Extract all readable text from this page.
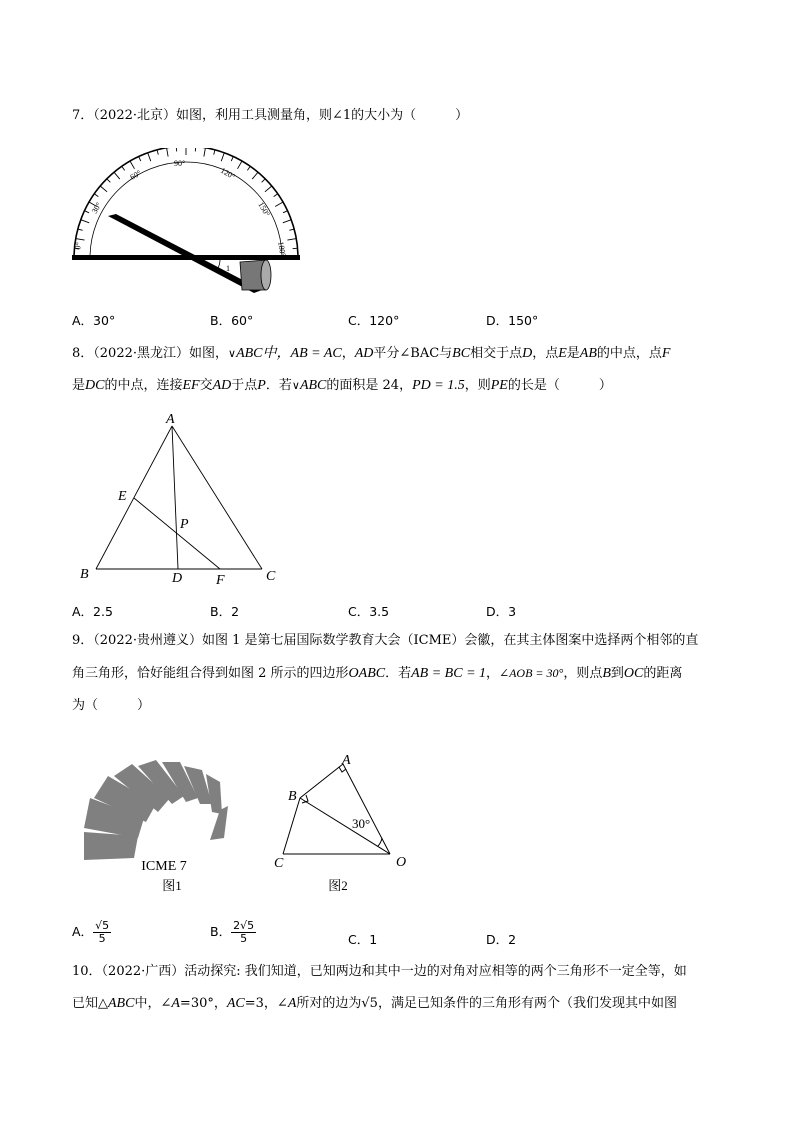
7．（2022·北京）如图，利用工具测量角，则∠1的大小为（　　　）
1
0°
30°
60°
90°
120°
150°
180°
A．30°	B．60°	C．120°	D．150°
8．（2022·黑龙江）如图，∨ABC中，AB = AC，AD平分∠BAC与BC相交于点D，点E是AB的中点，点F
是DC的中点，连接EF交AD于点P．若∨ABC的面积是 24，PD = 1.5，则PE的长是（　　　）
A
B	C
D
E
F
P
A．2.5	B．2	C．3.5	D．3
9．（2022·贵州遵义）如图 1 是第七届国际数学教育大会（ICME）会徽，在其主体图案中选择两个相邻的直
角三角形，恰好能组合得到如图 2 所示的四边形OABC．若AB = BC = 1，∠AOB = 30°，则点B到OC的距离
为（　　　）
ICME 7
图1
A
B
C	O
30°
图2
A． $\frac{√5}{5}$	B． $\frac{2√5}{5}$	C．1	D．2
10．（2022·广西）活动探究: 我们知道，已知两边和其中一边的对角对应相等的两个三角形不一定全等，如
已知△ABC中，∠A=30°，AC=3，∠A所对的边为√5，满足已知条件的三角形有两个（我们发现其中如图
